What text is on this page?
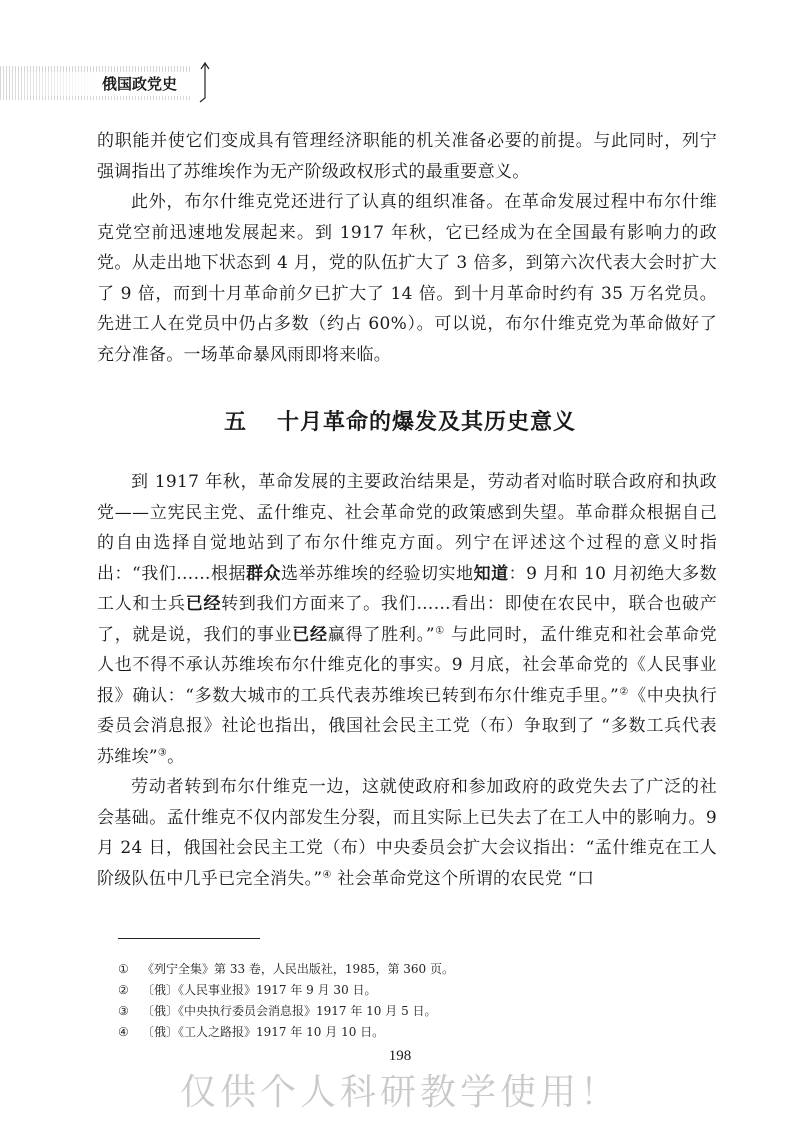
俄国政党史

的职能并使它们变成具有管理经济职能的机关准备必要的前提。与此同时，列宁强调指出了苏维埃作为无产阶级政权形式的最重要意义。

此外，布尔什维克党还进行了认真的组织准备。在革命发展过程中布尔什维克党空前迅速地发展起来。到 1917 年秋，它已经成为在全国最有影响力的政党。从走出地下状态到 4 月，党的队伍扩大了 3 倍多，到第六次代表大会时扩大了 9 倍，而到十月革命前夕已扩大了 14 倍。到十月革命时约有 35 万名党员。先进工人在党员中仍占多数（约占 60%）。可以说，布尔什维克党为革命做好了充分准备。一场革命暴风雨即将来临。

五 十月革命的爆发及其历史意义

到 1917 年秋，革命发展的主要政治结果是，劳动者对临时联合政府和执政党——立宪民主党、孟什维克、社会革命党的政策感到失望。革命群众根据自己的自由选择自觉地站到了布尔什维克方面。列宁在评述这个过程的意义时指出：“我们……根据群众选举苏维埃的经验切实地知道：9 月和 10 月初绝大多数工人和士兵已经转到我们方面来了。我们……看出：即使在农民中，联合也破产了，就是说，我们的事业已经赢得了胜利。”① 与此同时，孟什维克和社会革命党人也不得不承认苏维埃布尔什维克化的事实。9 月底，社会革命党的《人民事业报》确认：“多数大城市的工兵代表苏维埃已转到布尔什维克手里。”②《中央执行委员会消息报》社论也指出，俄国社会民主工党（布）争取到了 “多数工兵代表苏维埃”③。

劳动者转到布尔什维克一边，这就使政府和参加政府的政党失去了广泛的社会基础。孟什维克不仅内部发生分裂，而且实际上已失去了在工人中的影响力。9 月 24 日，俄国社会民主工党（布）中央委员会扩大会议指出：“孟什维克在工人阶级队伍中几乎已完全消失。”④ 社会革命党这个所谓的农民党 “口

①	《列宁全集》第 33 卷，人民出版社，1985，第 360 页。
②	〔俄〕《人民事业报》1917 年 9 月 30 日。
③	〔俄〕《中央执行委员会消息报》1917 年 10 月 5 日。
④	〔俄〕《工人之路报》1917 年 10 月 10 日。
198
仅供个人科研教学使用！
